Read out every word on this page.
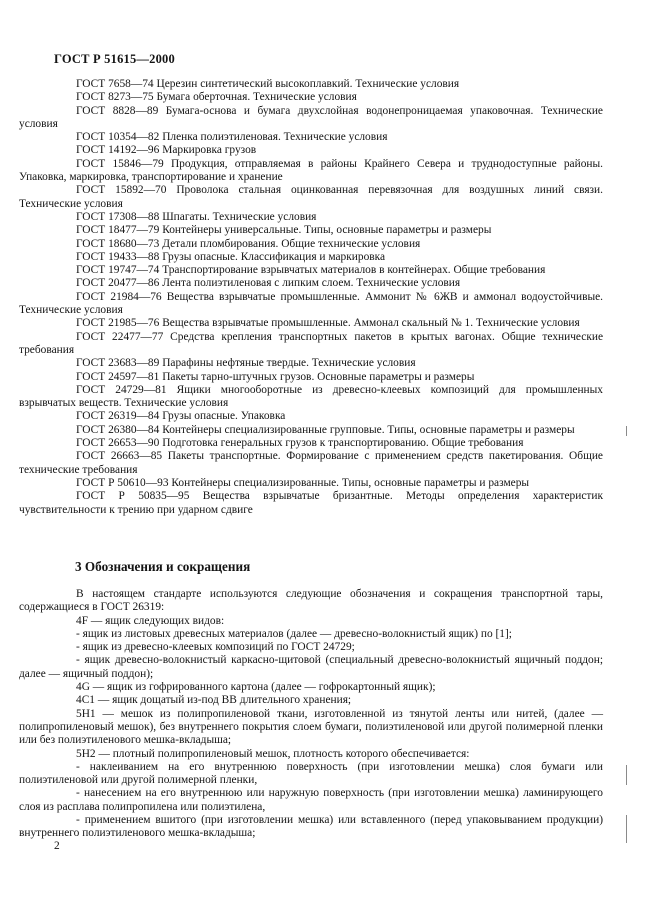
ГОСТ Р 51615—2000

ГОСТ 7658—74 Церезин синтетический высокоплавкий. Технические условия

ГОСТ 8273—75 Бумага оберточная. Технические условия

ГОСТ 8828—89 Бумага-основа и бумага двухслойная водонепроницаемая упаковочная. Технические условия

ГОСТ 10354—82 Пленка полиэтиленовая. Технические условия

ГОСТ 14192—96 Маркировка грузов

ГОСТ 15846—79 Продукция, отправляемая в районы Крайнего Севера и труднодоступные районы. Упаковка, маркировка, транспортирование и хранение

ГОСТ 15892—70 Проволока стальная оцинкованная перевязочная для воздушных линий связи. Технические условия

ГОСТ 17308—88 Шпагаты. Технические условия

ГОСТ 18477—79 Контейнеры универсальные. Типы, основные параметры и размеры

ГОСТ 18680—73 Детали пломбирования. Общие технические условия

ГОСТ 19433—88 Грузы опасные. Классификация и маркировка

ГОСТ 19747—74 Транспортирование взрывчатых материалов в контейнерах. Общие требования

ГОСТ 20477—86 Лента полиэтиленовая с липким слоем. Технические условия

ГОСТ 21984—76 Вещества взрывчатые промышленные. Аммонит № 6ЖВ и аммонал водоустойчивые. Технические условия

ГОСТ 21985—76 Вещества взрывчатые промышленные. Аммонал скальный № 1. Технические условия

ГОСТ 22477—77 Средства крепления транспортных пакетов в крытых вагонах. Общие технические требования

ГОСТ 23683—89 Парафины нефтяные твердые. Технические условия

ГОСТ 24597—81 Пакеты тарно-штучных грузов. Основные параметры и размеры

ГОСТ 24729—81 Ящики многооборотные из древесно-клеевых композиций для промышленных взрывчатых веществ. Технические условия

ГОСТ 26319—84 Грузы опасные. Упаковка

ГОСТ 26380—84 Контейнеры специализированные групповые. Типы, основные параметры и размеры

ГОСТ 26653—90 Подготовка генеральных грузов к транспортированию. Общие требования

ГОСТ 26663—85 Пакеты транспортные. Формирование с применением средств пакетирования. Общие технические требования

ГОСТ Р 50610—93 Контейнеры специализированные. Типы, основные параметры и размеры

ГОСТ Р 50835—95 Вещества взрывчатые бризантные. Методы определения характеристик чувствительности к трению при ударном сдвиге

3 Обозначения и сокращения

В настоящем стандарте используются следующие обозначения и сокращения транспортной тары, содержащиеся в ГОСТ 26319:

4F — ящик следующих видов:

- ящик из листовых древесных материалов (далее — древесно-волокнистый ящик) по [1];

- ящик из древесно-клеевых композиций по ГОСТ 24729;

- ящик древесно-волокнистый каркасно-щитовой (специальный древесно-волокнистый ящичный поддон; далее — ящичный поддон);

4G — ящик из гофрированного картона (далее — гофрокартонный ящик);

4C1 — ящик дощатый из-под ВВ длительного хранения;

5H1 — мешок из полипропиленовой ткани, изготовленной из тянутой ленты или нитей, (далее — полипропиленовый мешок), без внутреннего покрытия слоем бумаги, полиэтиленовой или другой полимерной пленки или без полиэтиленового мешка-вкладыша;

5H2 — плотный полипропиленовый мешок, плотность которого обеспечивается:

- наклеиванием на его внутреннюю поверхность (при изготовлении мешка) слоя бумаги или полиэтиленовой или другой полимерной пленки,

- нанесением на его внутреннюю или наружную поверхность (при изготовлении мешка) ламинирующего слоя из расплава полипропилена или полиэтилена,

- применением вшитого (при изготовлении мешка) или вставленного (перед упаковыванием продукции) внутреннего полиэтиленового мешка-вкладыша;

2
